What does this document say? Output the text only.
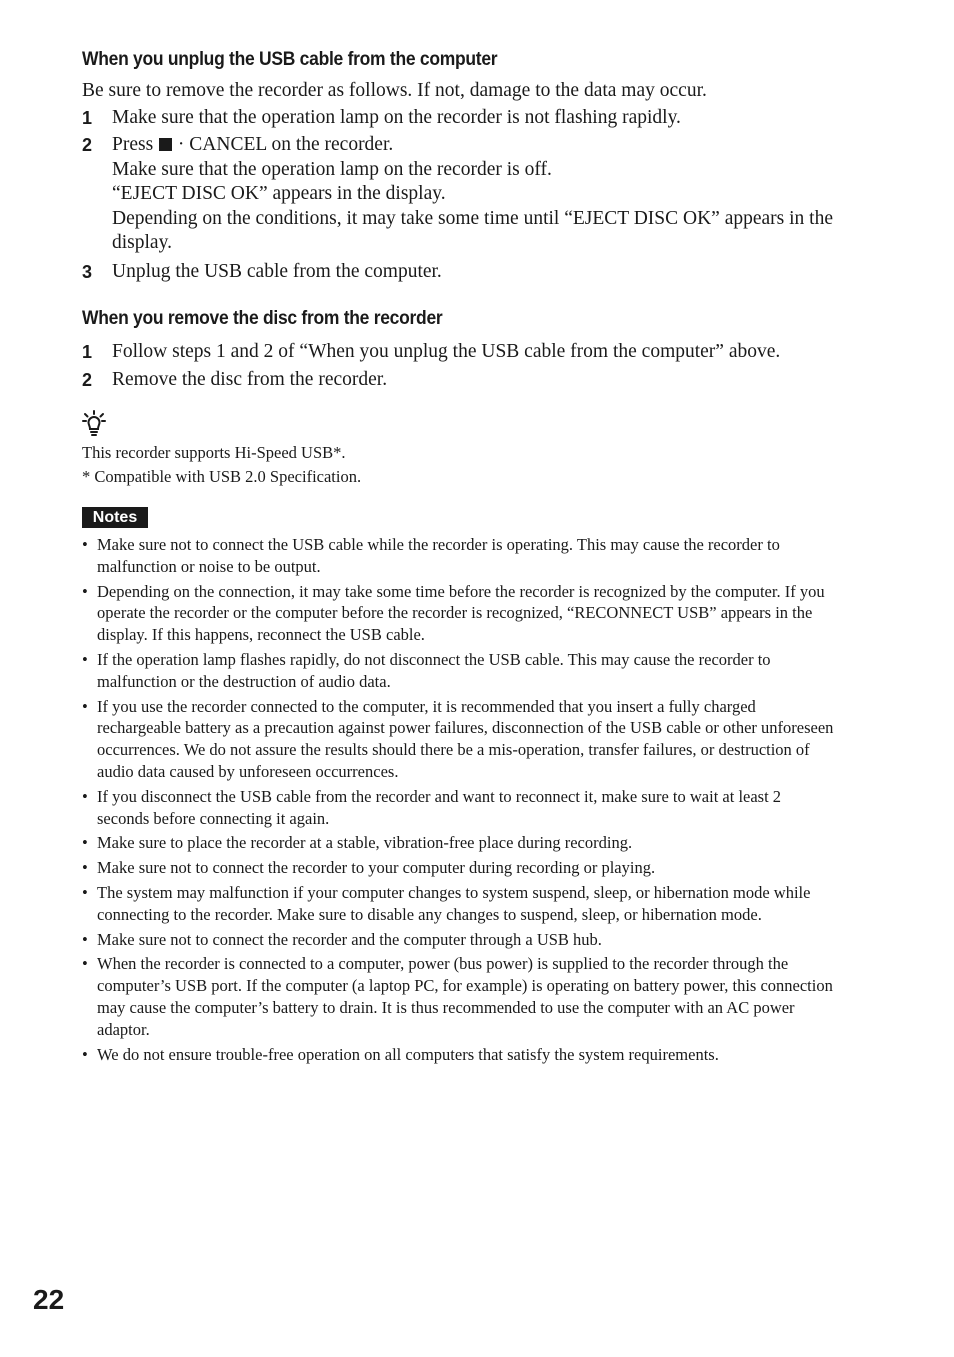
When you unplug the USB cable from the computer

Be sure to remove the recorder as follows. If not, damage to the data may occur.

1 Make sure that the operation lamp on the recorder is not flashing rapidly.
2 Press · CANCEL on the recorder.
Make sure that the operation lamp on the recorder is off.
“EJECT DISC OK” appears in the display.
Depending on the conditions, it may take some time until “EJECT DISC OK” appears in the
display.
3 Unplug the USB cable from the computer.
When you remove the disc from the recorder
1 Follow steps 1 and 2 of “When you unplug the USB cable from the computer” above.
2 Remove the disc from the recorder.

This recorder supports Hi-Speed USB*.

* Compatible with USB 2.0 Specification.

Notes
• Make sure not to connect the USB cable while the recorder is operating. This may cause the recorder to
malfunction or noise to be output.
• Depending on the connection, it may take some time before the recorder is recognized by the computer. If you
operate the recorder or the computer before the recorder is recognized, “RECONNECT USB” appears in the
display. If this happens, reconnect the USB cable.
• If the operation lamp flashes rapidly, do not disconnect the USB cable. This may cause the recorder to
malfunction or the destruction of audio data.
• If you use the recorder connected to the computer, it is recommended that you insert a fully charged
rechargeable battery as a precaution against power failures, disconnection of the USB cable or other unforeseen
occurrences. We do not assure the results should there be a mis-operation, transfer failures, or destruction of
audio data caused by unforeseen occurrences.
• If you disconnect the USB cable from the recorder and want to reconnect it, make sure to wait at least 2
seconds before connecting it again.
• Make sure to place the recorder at a stable, vibration-free place during recording.
• Make sure not to connect the recorder to your computer during recording or playing.
• The system may malfunction if your computer changes to system suspend, sleep, or hibernation mode while
connecting to the recorder. Make sure to disable any changes to suspend, sleep, or hibernation mode.
• Make sure not to connect the recorder and the computer through a USB hub.
• When the recorder is connected to a computer, power (bus power) is supplied to the recorder through the
computer’s USB port. If the computer (a laptop PC, for example) is operating on battery power, this connection
may cause the computer’s battery to drain. It is thus recommended to use the computer with an AC power
adaptor.
• We do not ensure trouble-free operation on all computers that satisfy the system requirements.
22
